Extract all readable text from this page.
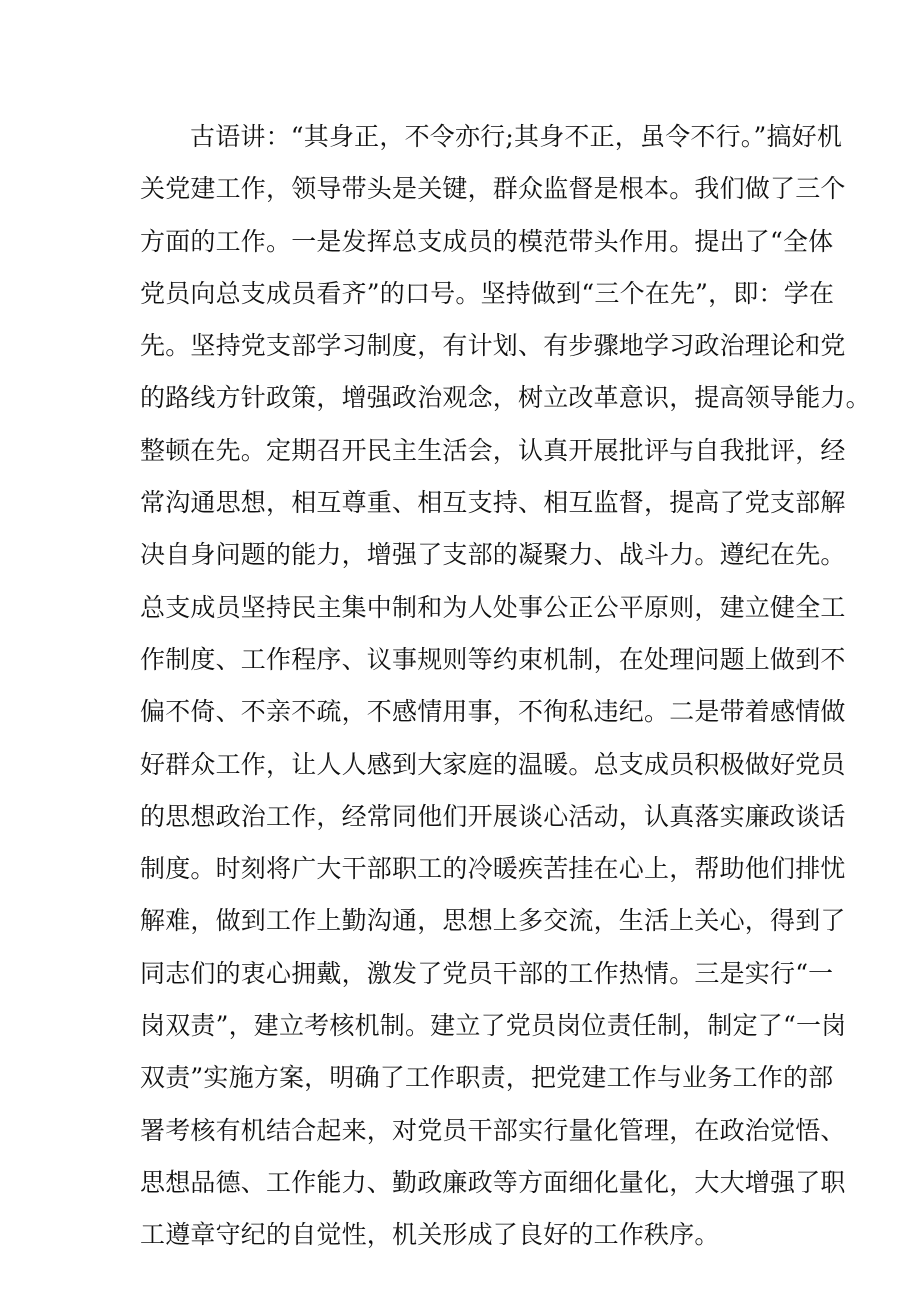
古语讲：“其身正，不令亦行;其身不正，虽令不行。”搞好机
关党建工作，领导带头是关键，群众监督是根本。我们做了三个
方面的工作。一是发挥总支成员的模范带头作用。提出了“全体
党员向总支成员看齐”的口号。坚持做到“三个在先”，即：学在
先。坚持党支部学习制度，有计划、有步骤地学习政治理论和党
的路线方针政策，增强政治观念，树立改革意识，提高领导能力。
整顿在先。定期召开民主生活会，认真开展批评与自我批评，经
常沟通思想，相互尊重、相互支持、相互监督，提高了党支部解
决自身问题的能力，增强了支部的凝聚力、战斗力。遵纪在先。
总支成员坚持民主集中制和为人处事公正公平原则，建立健全工
作制度、工作程序、议事规则等约束机制，在处理问题上做到不
偏不倚、不亲不疏，不感情用事，不徇私违纪。二是带着感情做
好群众工作，让人人感到大家庭的温暖。总支成员积极做好党员
的思想政治工作，经常同他们开展谈心活动，认真落实廉政谈话
制度。时刻将广大干部职工的冷暖疾苦挂在心上，帮助他们排忧
解难，做到工作上勤沟通，思想上多交流，生活上关心，得到了
同志们的衷心拥戴，激发了党员干部的工作热情。三是实行“一
岗双责”，建立考核机制。建立了党员岗位责任制，制定了“一岗
双责”实施方案，明确了工作职责，把党建工作与业务工作的部
署考核有机结合起来，对党员干部实行量化管理，在政治觉悟、
思想品德、工作能力、勤政廉政等方面细化量化，大大增强了职
工遵章守纪的自觉性，机关形成了良好的工作秩序。
